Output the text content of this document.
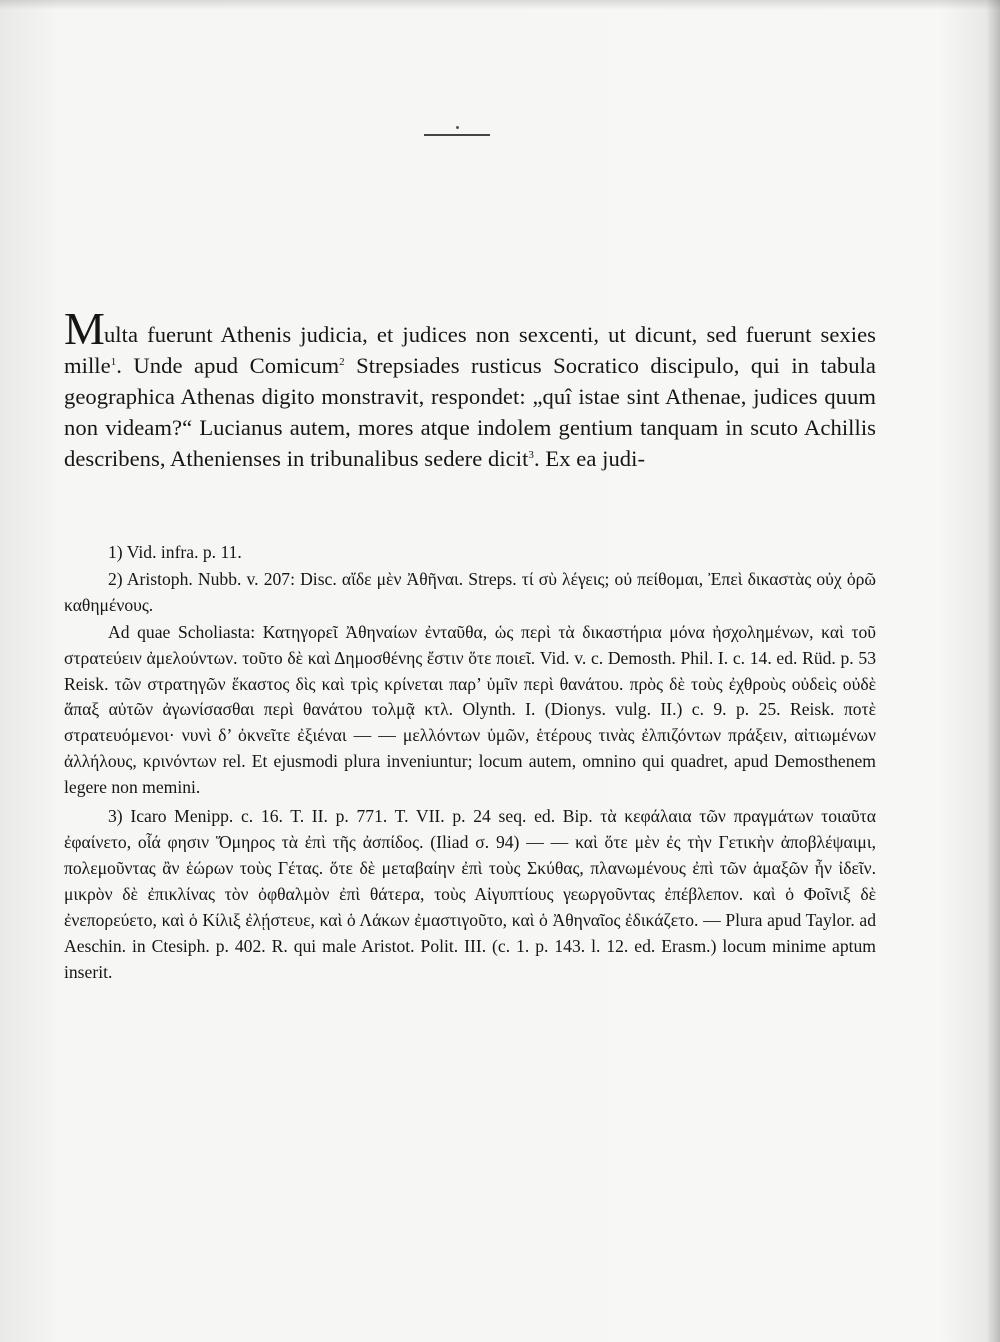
Multa fuerunt Athenis judicia, et judices non sexcenti, ut dicunt, sed fuerunt sexies mille$^1$. Unde apud Comicum$^2$ Strepsiades rusticus Socratico discipulo, qui in tabula geographica Athenas digito monstravit, respondet: „quî istae sint Athenae, judices quum non videam?“ Lucianus autem, mores atque indolem gentium tanquam in scuto Achillis describens, Athenienses in tribunalibus sedere dicit$^3$. Ex ea judi-

1) Vid. infra. p. 11.

2) Aristoph. Nubb. v. 207: Disc. αἴδε μὲν Ἀθῆναι. Streps. τί σὺ λέγεις; οὐ πείθομαι, Ἐπεὶ δικαστὰς οὐχ ὁρῶ καθημένους.

Ad quae Scholiasta: Κατηγορεῖ Ἀθηναίων ἐνταῦθα, ὡς περὶ τὰ δικαστήρια μόνα ἠσχολημένων, καὶ τοῦ στρατεύειν ἀμελούντων. τοῦτο δὲ καὶ Δημοσθένης ἔστιν ὅτε ποιεῖ. Vid. v. c. Demosth. Phil. I. c. 14. ed. Rüd. p. 53 Reisk. τῶν στρατηγῶν ἕκαστος δὶς καὶ τρὶς κρίνεται παρ’ ὑμῖν περὶ θανάτου. πρὸς δὲ τοὺς ἐχθροὺς οὐδεὶς οὐδὲ ἅπαξ αὐτῶν ἀγωνίσασθαι περὶ θανάτου τολμᾷ κτλ. Olynth. I. (Dionys. vulg. II.) c. 9. p. 25. Reisk. ποτὲ στρατευόμενοι· νυνὶ δ’ ὀκνεῖτε ἐξιέναι — — μελλόντων ὑμῶν, ἑτέρους τινὰς ἐλπιζόντων πράξειν, αἰτιωμένων ἀλλήλους, κρινόντων rel. Et ejusmodi plura inveniuntur; locum autem, omnino qui quadret, apud Demosthenem legere non memini.

3) Icaro Menipp. c. 16. T. II. p. 771. T. VII. p. 24 seq. ed. Bip. τὰ κεφάλαια τῶν πραγμάτων τοιαῦτα ἐφαίνετο, οἷά φησιν Ὅμηρος τὰ ἐπὶ τῆς ἀσπίδος. (Iliad σ. 94) — — καὶ ὅτε μὲν ἐς τὴν Γετικὴν ἀποβλέψαιμι, πολεμοῦντας ἂν ἑώρων τοὺς Γέτας. ὅτε δὲ μεταβαίην ἐπὶ τοὺς Σκύθας, πλανωμένους ἐπὶ τῶν ἁμαξῶν ἦν ἰδεῖν. μικρὸν δὲ ἐπικλίνας τὸν ὀφθαλμὸν ἐπὶ θάτερα, τοὺς Αἰγυπτίους γεωργοῦντας ἐπέβλεπον. καὶ ὁ Φοῖνιξ δὲ ἐνεπορεύετο, καὶ ὁ Κίλιξ ἐλῄστευε, καὶ ὁ Λάκων ἐμαστιγοῦτο, καὶ ὁ Ἀθηναῖος ἐδικάζετο. — Plura apud Taylor. ad Aeschin. in Ctesiph. p. 402. R. qui male Aristot. Polit. III. (c. 1. p. 143. l. 12. ed. Erasm.) locum minime aptum inserit.
